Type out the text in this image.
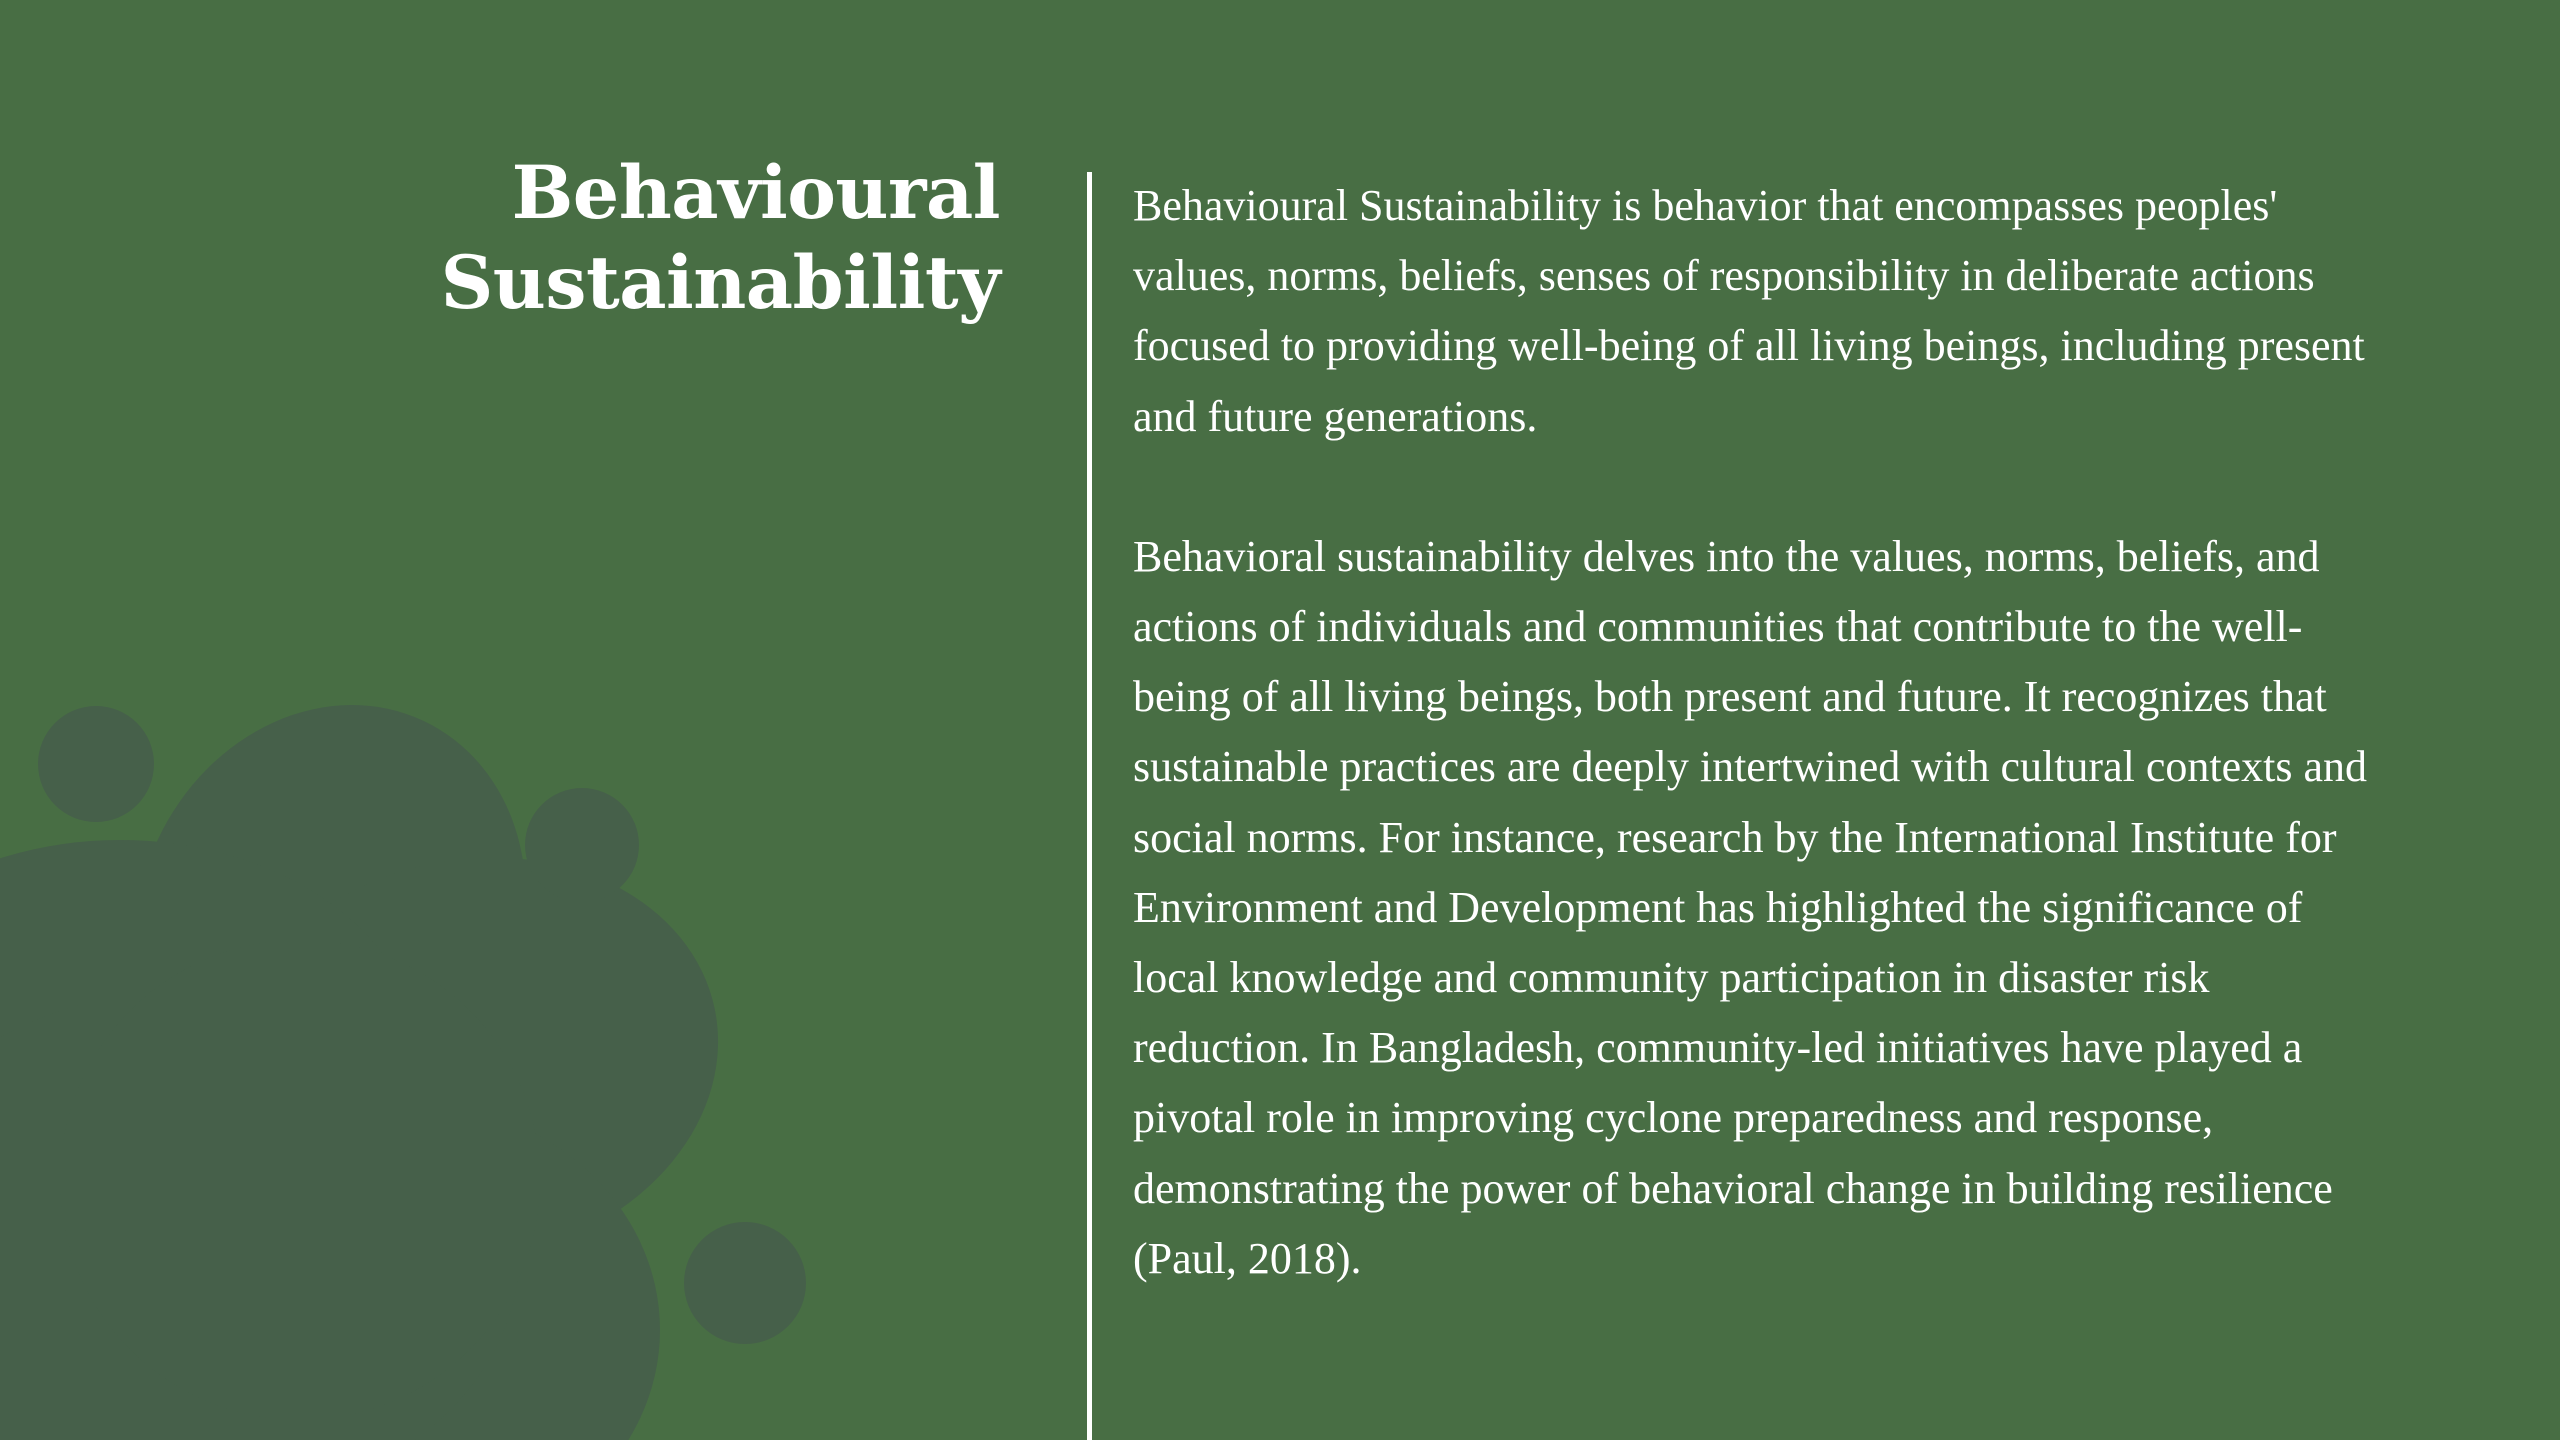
Behavioural
Sustainability

Behavioural Sustainability is behavior that encompasses peoples' values, norms, beliefs, senses of responsibility in deliberate actions focused to providing well-being of all living beings, including present and future generations.

Behavioral sustainability delves into the values, norms, beliefs, and actions of individuals and communities that contribute to the well-being of all living beings, both present and future. It recognizes that sustainable practices are deeply intertwined with cultural contexts and social norms. For instance, research by the International Institute for Environment and Development has highlighted the significance of local knowledge and community participation in disaster risk reduction. In Bangladesh, community-led initiatives have played a pivotal role in improving cyclone preparedness and response, demonstrating the power of behavioral change in building resilience (Paul, 2018).
